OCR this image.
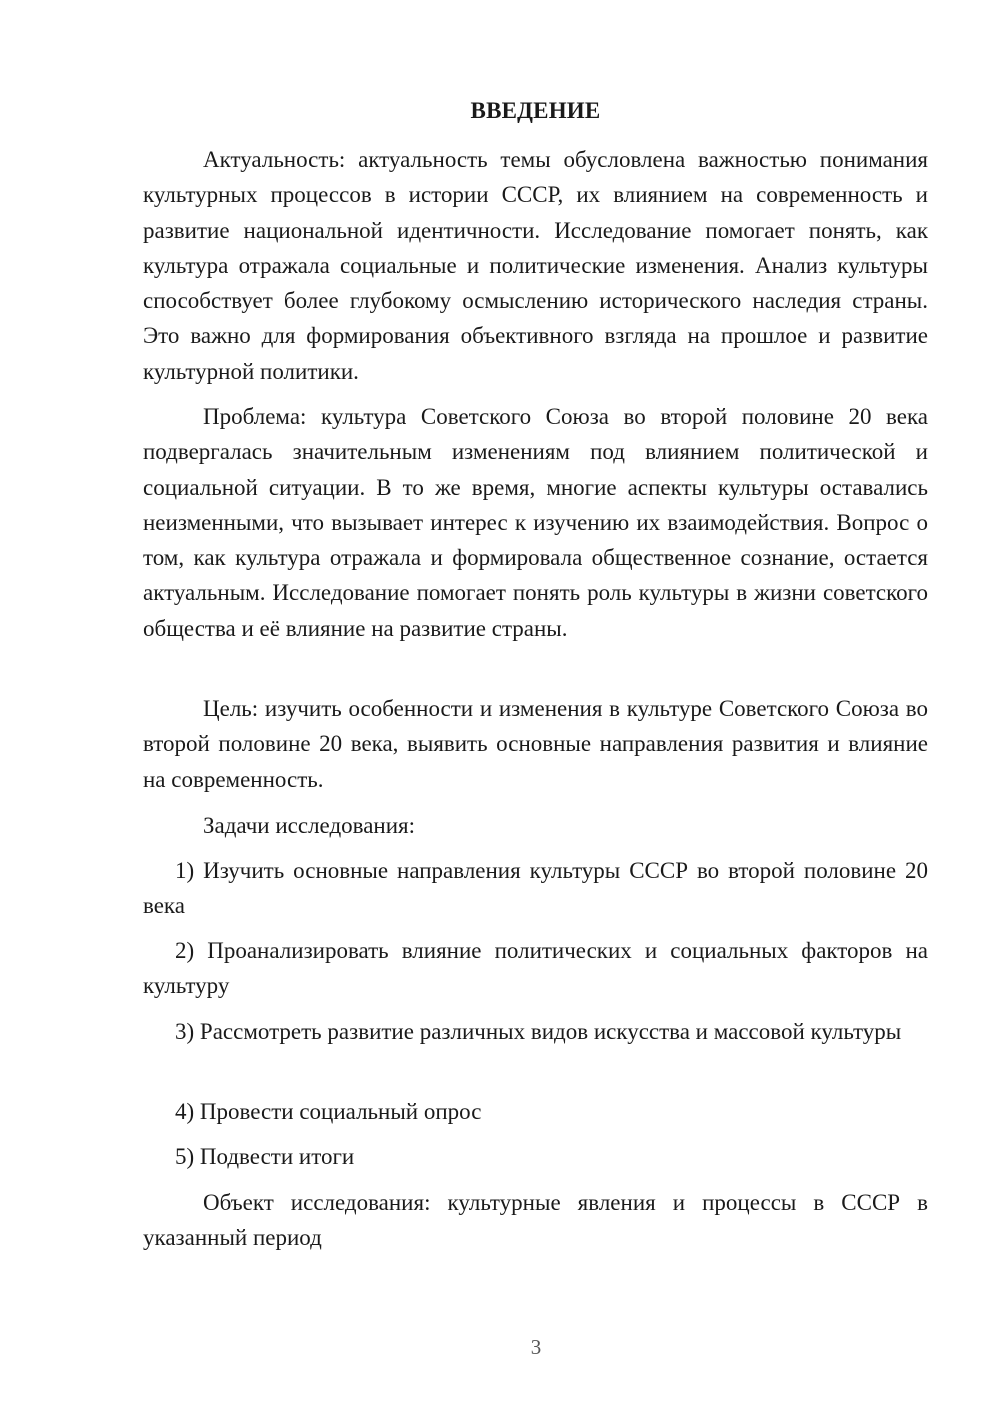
ВВЕДЕНИЕ

Актуальность: актуальность темы обусловлена важностью понимания культурных процессов в истории СССР, их влиянием на современность и развитие национальной идентичности. Исследование помогает понять, как культура отражала социальные и политические изменения. Анализ культуры способствует более глубокому осмыслению исторического наследия страны. Это важно для формирования объективного взгляда на прошлое и развитие культурной политики.

Проблема: культура Советского Союза во второй половине 20 века подвергалась значительным изменениям под влиянием политической и социальной ситуации. В то же время, многие аспекты культуры оставались неизменными, что вызывает интерес к изучению их взаимодействия. Вопрос о том, как культура отражала и формировала общественное сознание, остается актуальным. Исследование помогает понять роль культуры в жизни советского общества и её влияние на развитие страны.

Цель: изучить особенности и изменения в культуре Советского Союза во второй половине 20 века, выявить основные направления развития и влияние на современность.

Задачи исследования:

1) Изучить основные направления культуры СССР во второй половине 20 века

2) Проанализировать влияние политических и социальных факторов на культуру

3) Рассмотреть развитие различных видов искусства и массовой культуры

4) Провести социальный опрос

5) Подвести итоги

Объект исследования: культурные явления и процессы в СССР в указанный период

3
